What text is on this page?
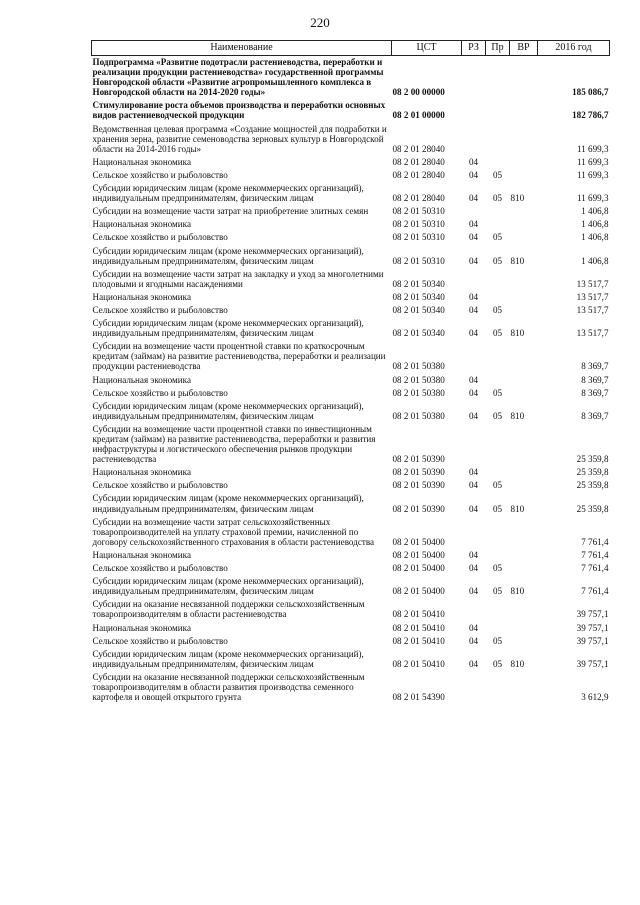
220
Наименование	ЦСТ	РЗ	Пр	ВР	2016 год
Подпрограмма «Развитие подотрасли растениеводства, переработки и реализации продукции растениеводства» государственной программы Новгородской области «Развитие агропромышленного комплекса в Новгородской области на 2014-2020 годы»	08 2 00 00000				185 086,7
Стимулирование роста объемов производства и переработки основных видов растениеводческой продукции	08 2 01 00000				182 786,7
Ведомственная целевая программа «Создание мощностей для подработки и хранения зерна, развитие семеноводства зерновых культур в Новгородской области на 2014-2016 годы»	08 2 01 28040				11 699,3
Национальная экономика	08 2 01 28040	04			11 699,3
Сельское хозяйство и рыболовство	08 2 01 28040	04	05		11 699,3
Субсидии юридическим лицам (кроме некоммерческих организаций), индивидуальным предпринимателям, физическим лицам	08 2 01 28040	04	05	810	11 699,3
Субсидии на возмещение части затрат на приобретение элитных семян	08 2 01 50310				1 406,8
Национальная экономика	08 2 01 50310	04			1 406,8
Сельское хозяйство и рыболовство	08 2 01 50310	04	05		1 406,8
Субсидии юридическим лицам (кроме некоммерческих организаций), индивидуальным предпринимателям, физическим лицам	08 2 01 50310	04	05	810	1 406,8
Субсидии на возмещение части затрат на закладку и уход за многолетними плодовыми и ягодными насаждениями	08 2 01 50340				13 517,7
Национальная экономика	08 2 01 50340	04			13 517,7
Сельское хозяйство и рыболовство	08 2 01 50340	04	05		13 517,7
Субсидии юридическим лицам (кроме некоммерческих организаций), индивидуальным предпринимателям, физическим лицам	08 2 01 50340	04	05	810	13 517,7
Субсидии на возмещение части процентной ставки по краткосрочным кредитам (займам) на развитие растениеводства, переработки и реализации продукции растениеводства	08 2 01 50380				8 369,7
Национальная экономика	08 2 01 50380	04			8 369,7
Сельское хозяйство и рыболовство	08 2 01 50380	04	05		8 369,7
Субсидии юридическим лицам (кроме некоммерческих организаций), индивидуальным предпринимателям, физическим лицам	08 2 01 50380	04	05	810	8 369,7
Субсидии на возмещение части процентной ставки по инвестиционным кредитам (займам) на развитие растениеводства, переработки и развития инфраструктуры и логистического обеспечения рынков продукции растениеводства	08 2 01 50390				25 359,8
Национальная экономика	08 2 01 50390	04			25 359,8
Сельское хозяйство и рыболовство	08 2 01 50390	04	05		25 359,8
Субсидии юридическим лицам (кроме некоммерческих организаций), индивидуальным предпринимателям, физическим лицам	08 2 01 50390	04	05	810	25 359,8
Субсидии на возмещение части затрат сельскохозяйственных товаропроизводителей на уплату страховой премии, начисленной по договору сельскохозяйственного страхования в области растениеводства	08 2 01 50400				7 761,4
Национальная экономика	08 2 01 50400	04			7 761,4
Сельское хозяйство и рыболовство	08 2 01 50400	04	05		7 761,4
Субсидии юридическим лицам (кроме некоммерческих организаций), индивидуальным предпринимателям, физическим лицам	08 2 01 50400	04	05	810	7 761,4
Субсидии на оказание несвязанной поддержки сельскохозяйственным товаропроизводителям в области растениеводства	08 2 01 50410				39 757,1
Национальная экономика	08 2 01 50410	04			39 757,1
Сельское хозяйство и рыболовство	08 2 01 50410	04	05		39 757,1
Субсидии юридическим лицам (кроме некоммерческих организаций), индивидуальным предпринимателям, физическим лицам	08 2 01 50410	04	05	810	39 757,1
Субсидии на оказание несвязанной поддержки сельскохозяйственным товаропроизводителям в области развития производства семенного картофеля и овощей открытого грунта	08 2 01 54390				3 612,9
